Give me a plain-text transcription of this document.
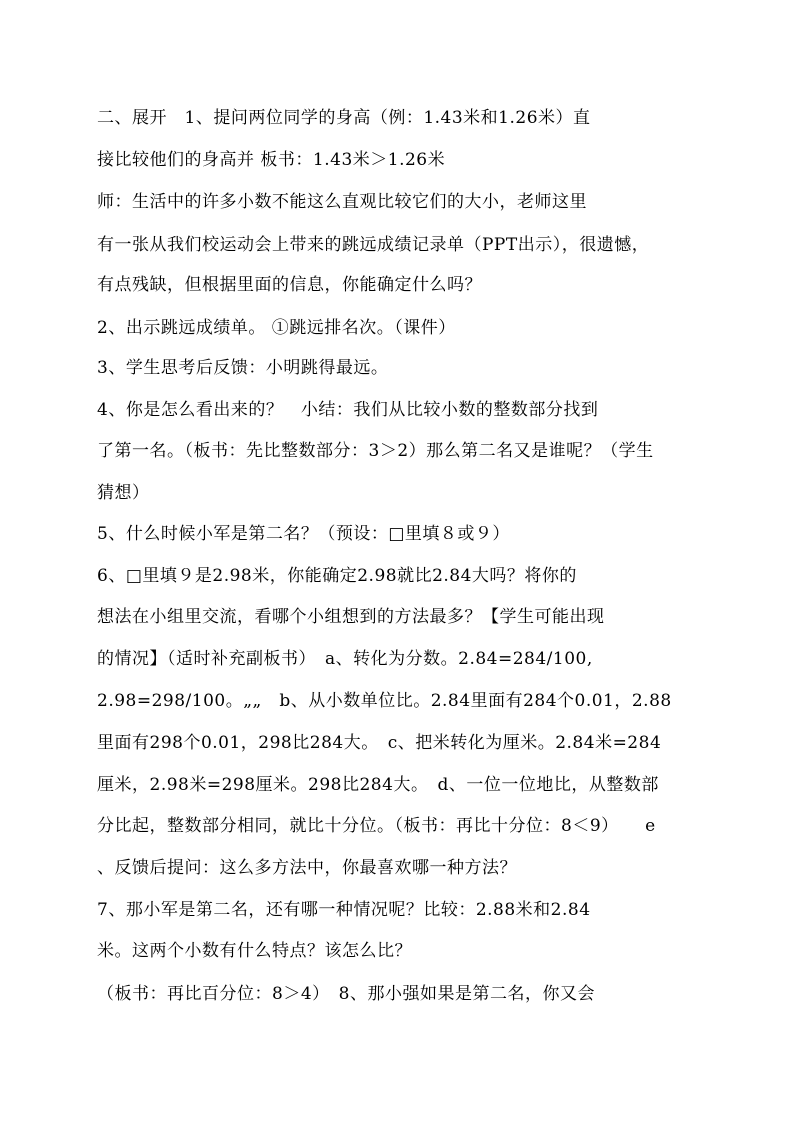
二、展开　1、提问两位同学的身高（例：1.43米和1.26米）直
接比较他们的身高并 板书：1.43米＞1.26米
师：生活中的许多小数不能这么直观比较它们的大小，老师这里
有一张从我们校运动会上带来的跳远成绩记录单（PPT出示），很遗憾，
有点残缺，但根据里面的信息，你能确定什么吗？
2、出示跳远成绩单。 ①跳远排名次。（课件）
3、学生思考后反馈：小明跳得最远。
4、你是怎么看出来的？　小结：我们从比较小数的整数部分找到
了第一名。（板书：先比整数部分：3＞2）那么第二名又是谁呢？（学生
猜想）
5、什么时候小军是第二名？（预设：□里填８或９）
6、□里填９是2.98米，你能确定2.98就比2.84大吗？将你的
想法在小组里交流，看哪个小组想到的方法最多？【学生可能出现
的情况】（适时补充副板书）　a、转化为分数。2.84=284/100,
2.98=298/100。„„　b、从小数单位比。2.84里面有284个0.01，2.88
里面有298个0.01，298比284大。　c、把米转化为厘米。2.84米=284
厘米，2.98米=298厘米。298比284大。　d、一位一位地比，从整数部
分比起，整数部分相同，就比十分位。（板书：再比十分位：8＜9）　　e
、反馈后提问：这么多方法中，你最喜欢哪一种方法？
7、那小军是第二名，还有哪一种情况呢？比较：2.88米和2.84
米。这两个小数有什么特点？该怎么比？
（板书：再比百分位：8＞4）　8、那小强如果是第二名，你又会
